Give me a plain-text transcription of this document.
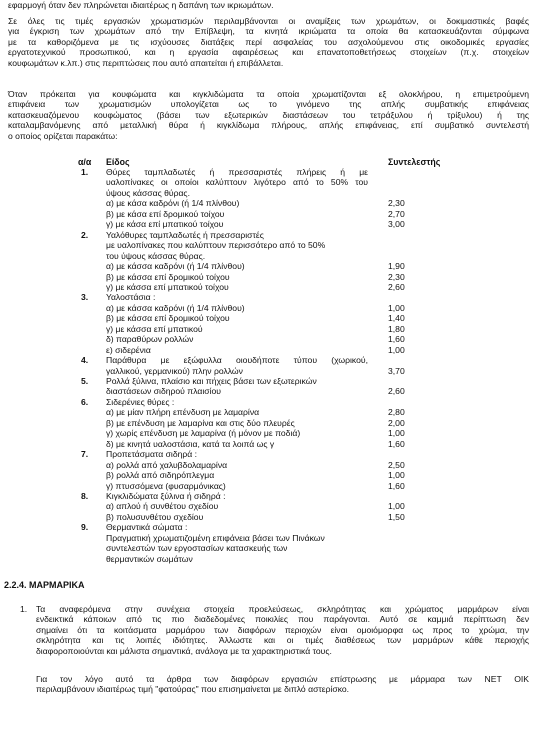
εφαρμογή όταν δεν πληρώνεται ιδιαιτέρως η δαπάνη των ικριωμάτων.
Σε όλες τις τιμές εργασιών χρωματισμών περιλαμβάνονται οι αναμίξεις των χρωμάτων, οι δοκιμαστικές βαφές
για έγκριση των χρωμάτων από την Επίβλεψη, τα κινητά ικριώματα τα οποία θα κατασκευάζονται σύμφωνα
με τα καθοριζόμενα με τις ισχύουσες διατάξεις περί ασφαλείας του ασχολούμενου στις οικοδομικές εργασίες
εργατοτεχνικού προσωπικού, και η εργασία αφαιρέσεως και επανατοποθετήσεως στοιχείων (π.χ. στοιχείων
κουφωμάτων κ.λπ.) στις περιπτώσεις που αυτό απαιτείται ή επιβάλλεται.
Όταν πρόκειται για κουφώματα και κιγκλιδώματα τα οποία χρωματίζονται εξ ολοκλήρου, η επιμετρούμενη
επιφάνεια των χρωματισμών υπολογίζεται ως το γινόμενο της απλής συμβατικής επιφάνειας
κατασκευαζόμενου κουφώματος (βάσει των εξωτερικών διαστάσεων του τετράξυλου ή τρίξυλου) ή της
καταλαμβανόμενης από μεταλλική θύρα ή κιγκλίδωμα πλήρους, απλής επιφάνειας, επί συμβατικό συντελεστή
ο οποίος ορίζεται παρακάτω:
α/α Είδος	Συντελεστής
1. Θύρες ταμπλαδωτές ή πρεσσαριστές πλήρεις ή με
υαλοπίνακες οι οποίοι καλύπτουν λιγότερο από το 50% του
ύψους κάσσας θύρας.
α) με κάσα καδρόνι (ή 1/4 πλίνθου)	2,30
β) με κάσα επί δρομικού τοίχου	2,70
γ) με κάσα επί μπατικού τοίχου	3,00
2. Υαλόθυρες ταμπλαδωτές ή πρεσσαριστές
με υαλοπίνακες που καλύπτουν περισσότερο από το 50%
του ύψους κάσσας θύρας.
α) με κάσσα καδρόνι (ή 1/4 πλίνθου)	1,90
β) με κάσσα επί δρομικού τοίχου	2,30
γ) με κάσσα επί μπατικού τοίχου	2,60
3. Υαλοστάσια :
α) με κάσσα καδρόνι (ή 1/4 πλίνθου)	1,00
β) με κάσσα επί δρομικού τοίχου	1,40
γ) με κάσσα επί μπατικού	1,80
δ) παραθύρων ρολλών	1,60
ε) σιδερένια	1,00
4. Παράθυρα με εξώφυλλα οιουδήποτε τύπου (χωρικού,
γαλλικού, γερμανικού) πλην ρολλών	3,70
5. Ρολλά ξύλινα, πλαίσιο και πήχεις βάσει των εξωτερικών
διαστάσεων σιδηρού πλαισίου	2,60
6. Σιδερένιες θύρες :
α) με μίαν πλήρη επένδυση με λαμαρίνα	2,80
β) με επένδυση με λαμαρίνα και στις δύο πλευρές	2,00
γ) χωρίς επένδυση με λαμαρίνα (ή μόνον με ποδιά)	1,00
δ) με κινητά υαλοστάσια, κατά τα λοιπά ως γ	1,60
7. Προπετάσματα σιδηρά :
α) ρολλά από χαλυβδολαμαρίνα	2,50
β) ρολλά από σιδηρόπλεγμα	1,00
γ) πτυσσόμενα (φυσαρμόνικας)	1,60
8. Κιγκλιδώματα ξύλινα ή σιδηρά :
α) απλού ή συνθέτου σχεδίου	1,00
β) πολυσυνθέτου σχεδίου	1,50
9. Θερμαντικά σώματα :
Πραγματική χρωματιζομένη επιφάνεια βάσει των Πινάκων
συντελεστών των εργοστασίων κατασκευής των
θερμαντικών σωμάτων
2.2.4. ΜΑΡΜΑΡΙΚΑ
1. Τα αναφερόμενα στην συνέχεια στοιχεία προελεύσεως, σκληρότητας και χρώματος μαρμάρων είναι
ενδεικτικά κάποιων από τις πιο διαδεδομένες ποικιλίες που παράγονται. Αυτό σε καμμιά περίπτωση δεν
σημαίνει ότι τα κοιτάσματα μαρμάρου των διαφόρων περιοχών είναι ομοιόμορφα ως προς το χρώμα, την
σκληρότητα και τις λοιπές ιδιότητες. Άλλωστε και οι τιμές διαθέσεως των μαρμάρων κάθε περιοχής
διαφοροποιούνται και μάλιστα σημαντικά, ανάλογα με τα χαρακτηριστικά τους.
Για τον λόγο αυτό τα άρθρα των διαφόρων εργασιών επίστρωσης με μάρμαρα των ΝΕΤ ΟΙΚ
περιλαμβάνουν ιδιαιτέρως τιμή "φατούρας" που επισημαίνεται με διπλό αστερίσκο.
